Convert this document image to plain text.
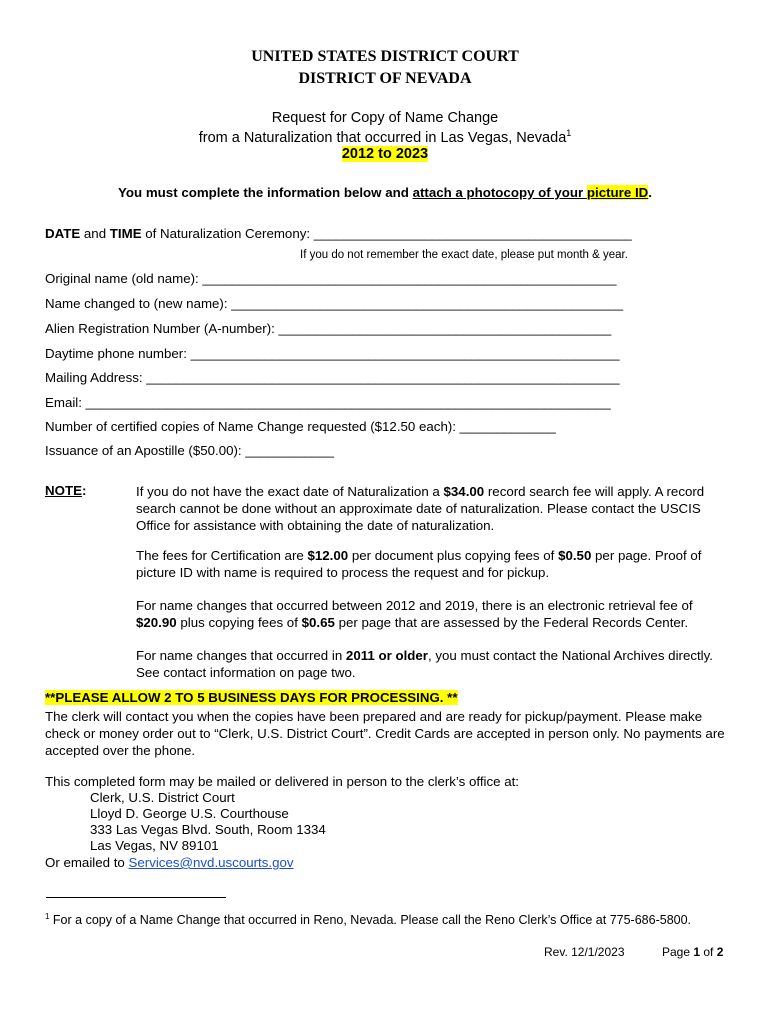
UNITED STATES DISTRICT COURT
DISTRICT OF NEVADA
Request for Copy of Name Change
from a Naturalization that occurred in Las Vegas, Nevada$^1$
2012 to 2023
You must complete the information below and attach a photocopy of your picture ID.
DATE and TIME of Naturalization Ceremony: ___________________________________________
If you do not remember the exact date, please put month & year.
Original name (old name): ________________________________________________________
Name changed to (new name): _____________________________________________________
Alien Registration Number (A-number): _____________________________________________
Daytime phone number: __________________________________________________________
Mailing Address: ________________________________________________________________
Email: _______________________________________________________________________
Number of certified copies of Name Change requested ($12.50 each): _____________
Issuance of an Apostille ($50.00): ____________
NOTE:	If you do not have the exact date of Naturalization a $34.00 record search fee will apply. A record search cannot be done without an approximate date of naturalization. Please contact the USCIS Office for assistance with obtaining the date of naturalization.
The fees for Certification are $12.00 per document plus copying fees of $0.50 per page. Proof of picture ID with name is required to process the request and for pickup.
For name changes that occurred between 2012 and 2019, there is an electronic retrieval fee of $20.90 plus copying fees of $0.65 per page that are assessed by the Federal Records Center.
For name changes that occurred in 2011 or older, you must contact the National Archives directly. See contact information on page two.
**PLEASE ALLOW 2 TO 5 BUSINESS DAYS FOR PROCESSING. **
The clerk will contact you when the copies have been prepared and are ready for pickup/payment. Please make check or money order out to “Clerk, U.S. District Court”. Credit Cards are accepted in person only. No payments are accepted over the phone.
This completed form may be mailed or delivered in person to the clerk’s office at:
Clerk, U.S. District Court
Lloyd D. George U.S. Courthouse
333 Las Vegas Blvd. South, Room 1334
Las Vegas, NV 89101
Or emailed to Services@nvd.uscourts.gov
$^1$ For a copy of a Name Change that occurred in Reno, Nevada. Please call the Reno Clerk’s Office at 775-686-5800.
Rev. 12/1/2023	Page 1 of 2
